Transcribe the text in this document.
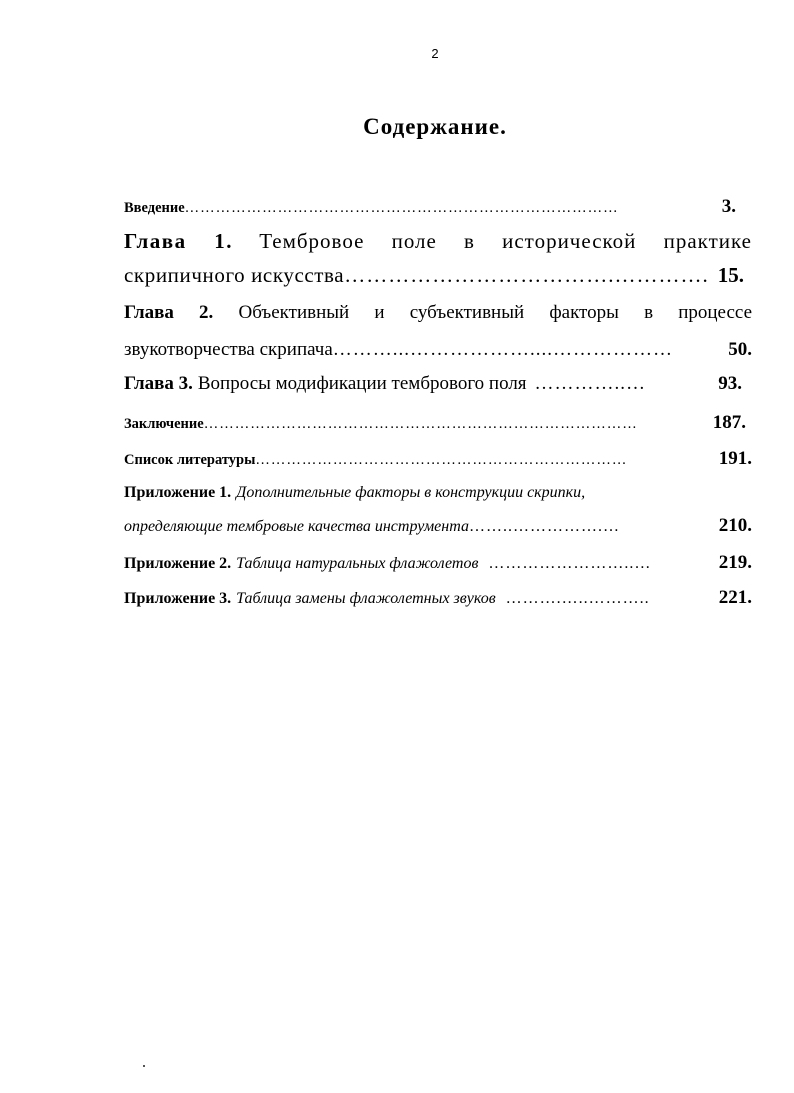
2
Содержание.
Введение …………………………………………………………………………	3.
Глава 1. Тембровое поле в исторической практике
скрипичного искусства ……………………………….…………. 15.
Глава 2. Объективный и субъективный факторы в процессе
звукотворчества скрипача ………...………………....………………	50.
Глава 3. Вопросы модификации тембрового поля …………..…	93.
Заключение …………………………………………………………………………	187.
Список литературы ………………………………………………………………	191.
Приложение 1. Дополнительные факторы в конструкции скрипки,
определяющие тембровые качества инструмента ……..…………….…	210.
Приложение 2. Таблица натуральных флажолетов ……………………..…	219.
Приложение 3. Таблица замены флажолетных звуков ……….…..………..	221.
